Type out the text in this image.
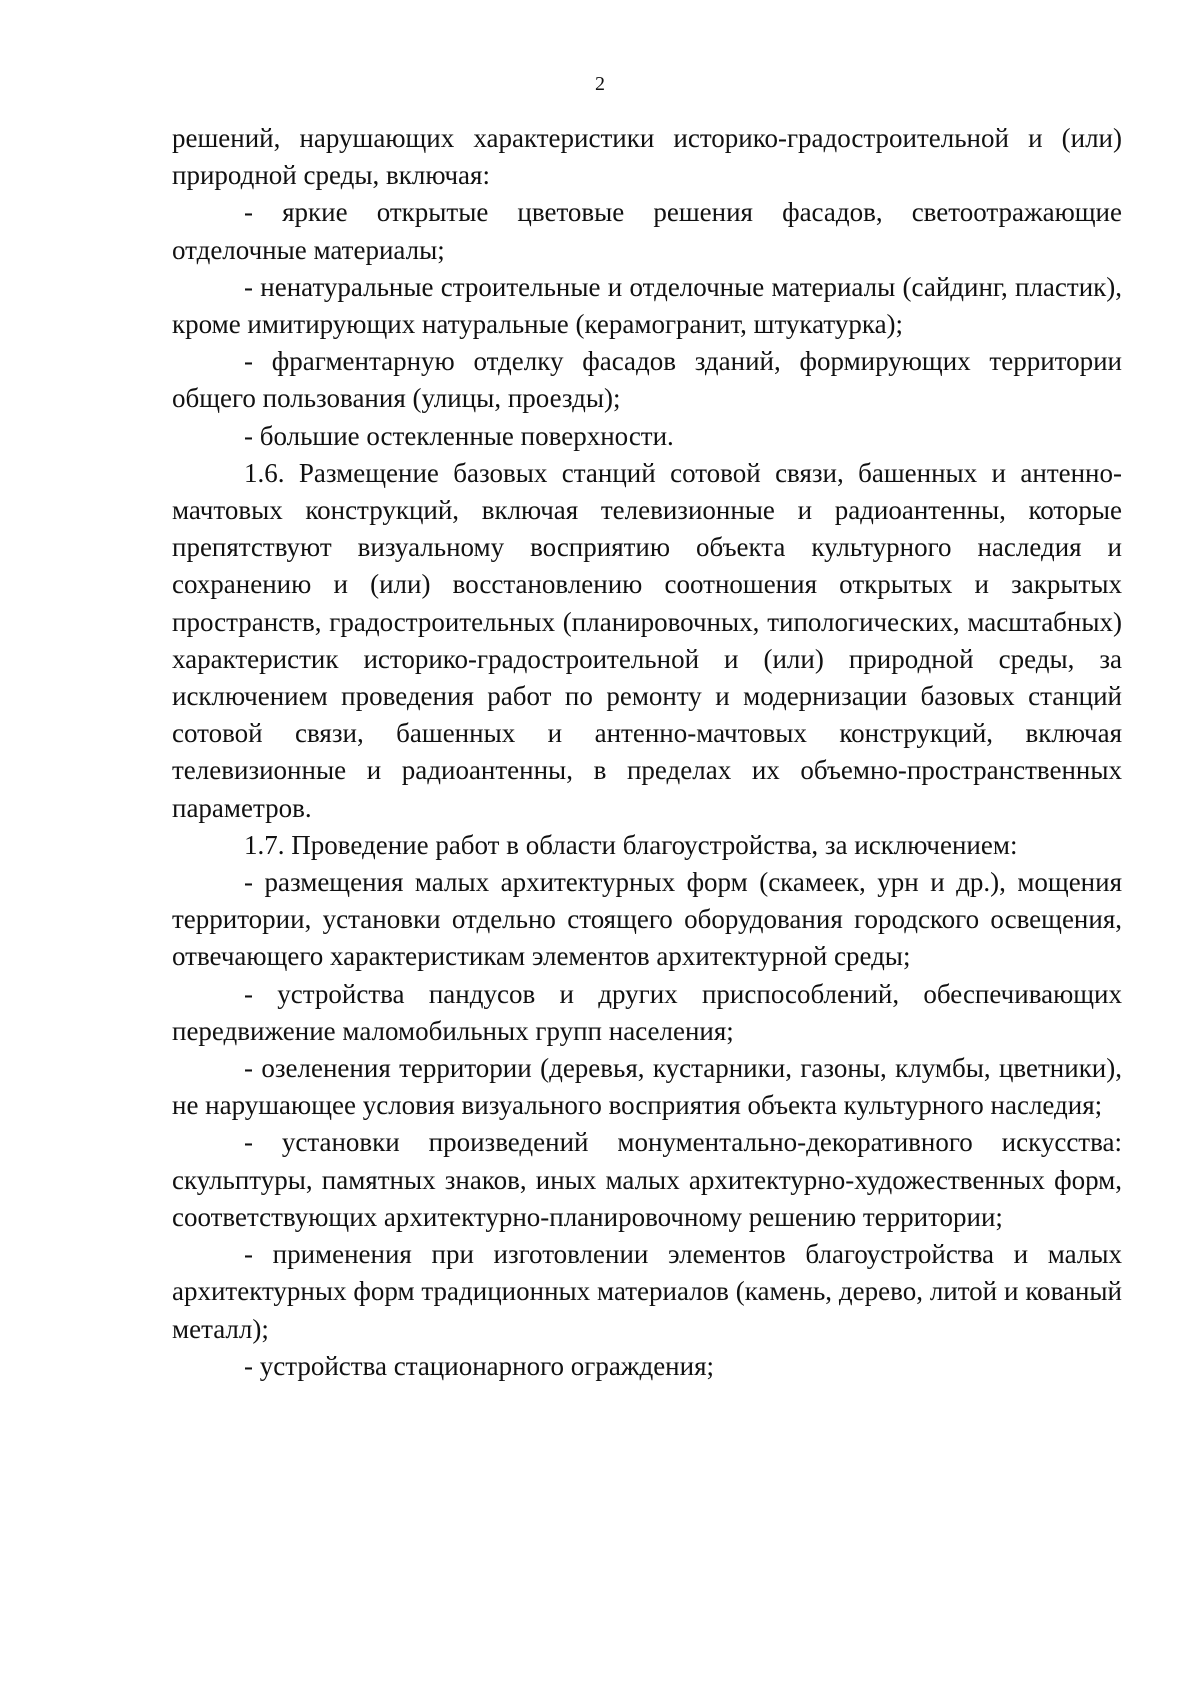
2

решений, нарушающих характеристики историко-градостроительной и (или) природной среды, включая:

- яркие открытые цветовые решения фасадов, светоотражающие отделочные материалы;

- ненатуральные строительные и отделочные материалы (сайдинг, пластик), кроме имитирующих натуральные (керамогранит, штукатурка);

- фрагментарную отделку фасадов зданий, формирующих территории общего пользования (улицы, проезды);

- большие остекленные поверхности.

1.6. Размещение базовых станций сотовой связи, башенных и антенно-мачтовых конструкций, включая телевизионные и радиоантенны, которые препятствуют визуальному восприятию объекта культурного наследия и сохранению и (или) восстановлению соотношения открытых и закрытых пространств, градостроительных (планировочных, типологических, масштабных) характеристик историко-градостроительной и (или) природной среды, за исключением проведения работ по ремонту и модернизации базовых станций сотовой связи, башенных и антенно-мачтовых конструкций, включая телевизионные и радиоантенны, в пределах их объемно-пространственных параметров.

1.7. Проведение работ в области благоустройства, за исключением:

- размещения малых архитектурных форм (скамеек, урн и др.), мощения территории, установки отдельно стоящего оборудования городского освещения, отвечающего характеристикам элементов архитектурной среды;

- устройства пандусов и других приспособлений, обеспечивающих передвижение маломобильных групп населения;

- озеленения территории (деревья, кустарники, газоны, клумбы, цветники), не нарушающее условия визуального восприятия объекта культурного наследия;

- установки произведений монументально-декоративного искусства: скульптуры, памятных знаков, иных малых архитектурно-художественных форм, соответствующих архитектурно-планировочному решению территории;

- применения при изготовлении элементов благоустройства и малых архитектурных форм традиционных материалов (камень, дерево, литой и кованый металл);

- устройства стационарного ограждения;
